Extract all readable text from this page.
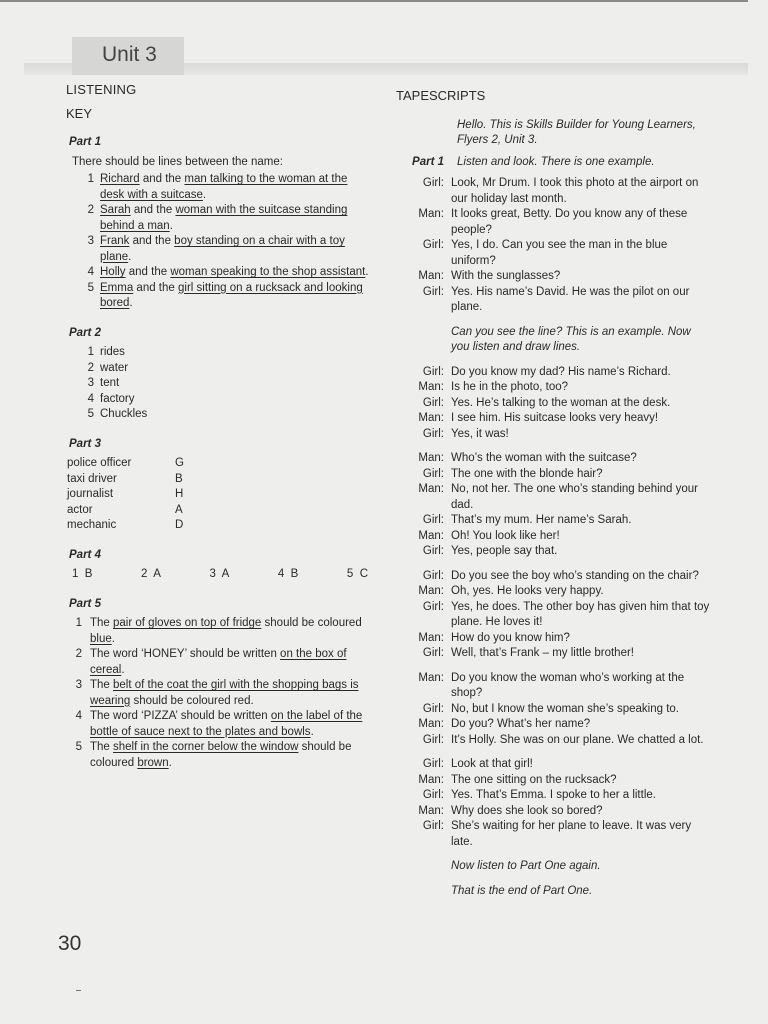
Unit 3

LISTENING

KEY

Part 1

There should be lines between the name:

1 Richard and the man talking to the woman at the desk with a suitcase.
2 Sarah and the woman with the suitcase standing behind a man.
3 Frank and the boy standing on a chair with a toy plane.
4 Holly and the woman speaking to the shop assistant.
5 Emma and the girl sitting on a rucksack and looking bored.

Part 2

1 rides
2 water
3 tent
4 factory
5 Chuckles

Part 3

police officer	G
taxi driver	B
journalist	H
actor	A
mechanic	D

Part 4

1  B	2  A	3  A	4  B	5  C

Part 5

1 The pair of gloves on top of fridge should be coloured blue.
2 The word ‘HONEY’ should be written on the box of cereal.
3 The belt of the coat the girl with the shopping bags is wearing should be coloured red.
4 The word ‘PIZZA’ should be written on the label of the bottle of sauce next to the plates and bowls.
5 The shelf in the corner below the window should be coloured brown.

TAPESCRIPTS

Hello. This is Skills Builder for Young Learners, Flyers 2, Unit 3.
Part 1	Listen and look. There is one example.
Girl: Look, Mr Drum. I took this photo at the airport on our holiday last month.
Man: It looks great, Betty. Do you know any of these people?
Girl: Yes, I do. Can you see the man in the blue uniform?
Man: With the sunglasses?
Girl: Yes. His name’s David. He was the pilot on our plane.
Can you see the line? This is an example. Now you listen and draw lines.
Girl: Do you know my dad? His name’s Richard.
Man: Is he in the photo, too?
Girl: Yes. He’s talking to the woman at the desk.
Man: I see him. His suitcase looks very heavy!
Girl: Yes, it was!
Man: Who’s the woman with the suitcase?
Girl: The one with the blonde hair?
Man: No, not her. The one who’s standing behind your dad.
Girl: That’s my mum. Her name’s Sarah.
Man: Oh! You look like her!
Girl: Yes, people say that.
Girl: Do you see the boy who’s standing on the chair?
Man: Oh, yes. He looks very happy.
Girl: Yes, he does. The other boy has given him that toy plane. He loves it!
Man: How do you know him?
Girl: Well, that’s Frank – my little brother!
Man: Do you know the woman who’s working at the shop?
Girl: No, but I know the woman she’s speaking to.
Man: Do you? What’s her name?
Girl: It’s Holly. She was on our plane. We chatted a lot.
Girl: Look at that girl!
Man: The one sitting on the rucksack?
Girl: Yes. That’s Emma. I spoke to her a little.
Man: Why does she look so bored?
Girl: She’s waiting for her plane to leave. It was very late.
Now listen to Part One again.
That is the end of Part One.
30
